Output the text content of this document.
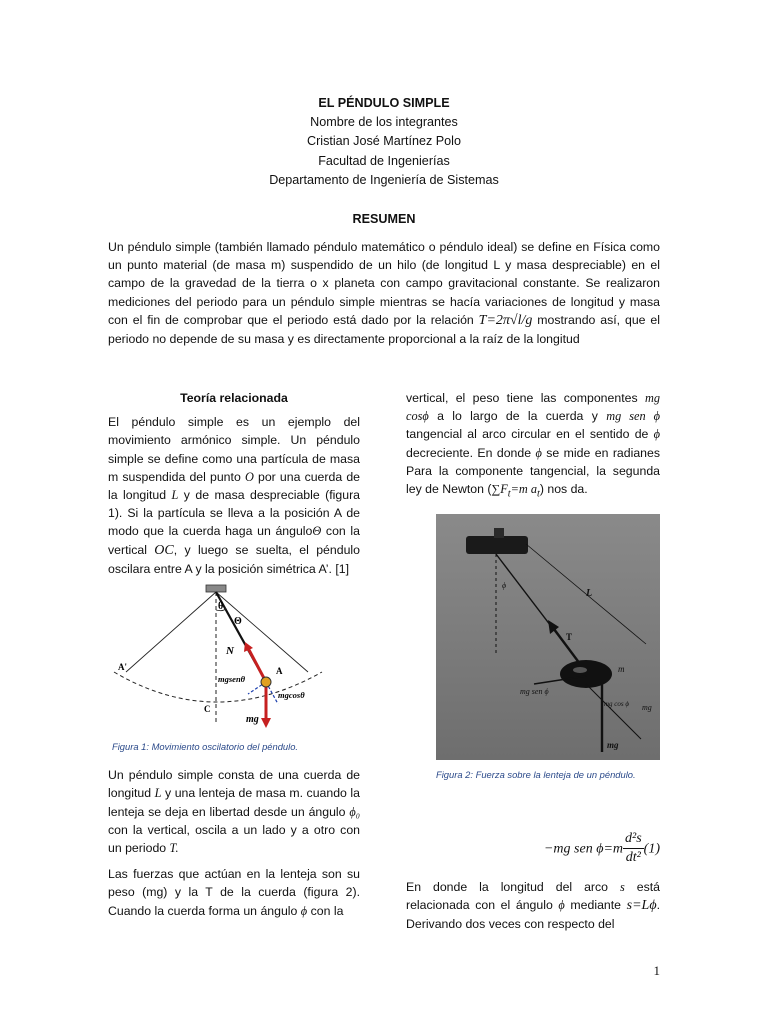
EL PÉNDULO SIMPLE
Nombre de los integrantes
Cristian José Martínez Polo
Facultad de Ingenierías
Departamento de Ingeniería de Sistemas
RESUMEN
Un péndulo simple (también llamado péndulo matemático o péndulo ideal) se define en Física como un punto material (de masa m) suspendido de un hilo (de longitud L y masa despreciable) en el campo de la gravedad de la tierra o x planeta con campo gravitacional constante. Se realizaron mediciones del periodo para un péndulo simple mientras se hacía variaciones de longitud y masa con el fin de comprobar que el periodo está dado por la relación T=2π√l/g mostrando así, que el periodo no depende de su masa y es directamente proporcional a la raíz de la longitud
Teoría relacionada

El péndulo simple es un ejemplo del movimiento armónico simple. Un péndulo simple se define como una partícula de masa m suspendida del punto O por una cuerda de la longitud L y de masa despreciable (figura 1). Si la partícula se lleva a la posición A de modo que la cuerda haga un ánguloΘ con la vertical OC, y luego se suelta, el péndulo oscilara entre A y la posición simétrica A’. [1]

θ
Θ
N
mgsenθ
mgcosθ
mg
A
A'
C
Figura 1: Movimiento oscilatorio del péndulo.

Un péndulo simple consta de una cuerda de longitud L y una lenteja de masa m. cuando la lenteja se deja en libertad desde un ángulo ϕ₀ con la vertical, oscila a un lado y a otro con un periodo T.

Las fuerzas que actúan en la lenteja son su peso (mg) y la T de la cuerda (figura 2). Cuando la cuerda forma un ángulo ϕ con la

vertical, el peso tiene las componentes mg cosϕ a lo largo de la cuerda y mg sen ϕ tangencial al arco circular en el sentido de ϕ decreciente. En donde ϕ se mide en radianes Para la componente tangencial, la segunda ley de Newton ($\sum F_t=m$ $a_t$) nos da.

ϕ
L
T
m
mg sen ϕ
mg cos ϕ mg
mg
Figura 2: Fuerza sobre la lenteja de un péndulo.
−mg sen $\phi=m \frac{\text{d²s}}{\text{dt²}} (1)$

En donde la longitud del arco s está relacionada con el ángulo ϕ mediante s=Lϕ. Derivando dos veces con respecto del

1
